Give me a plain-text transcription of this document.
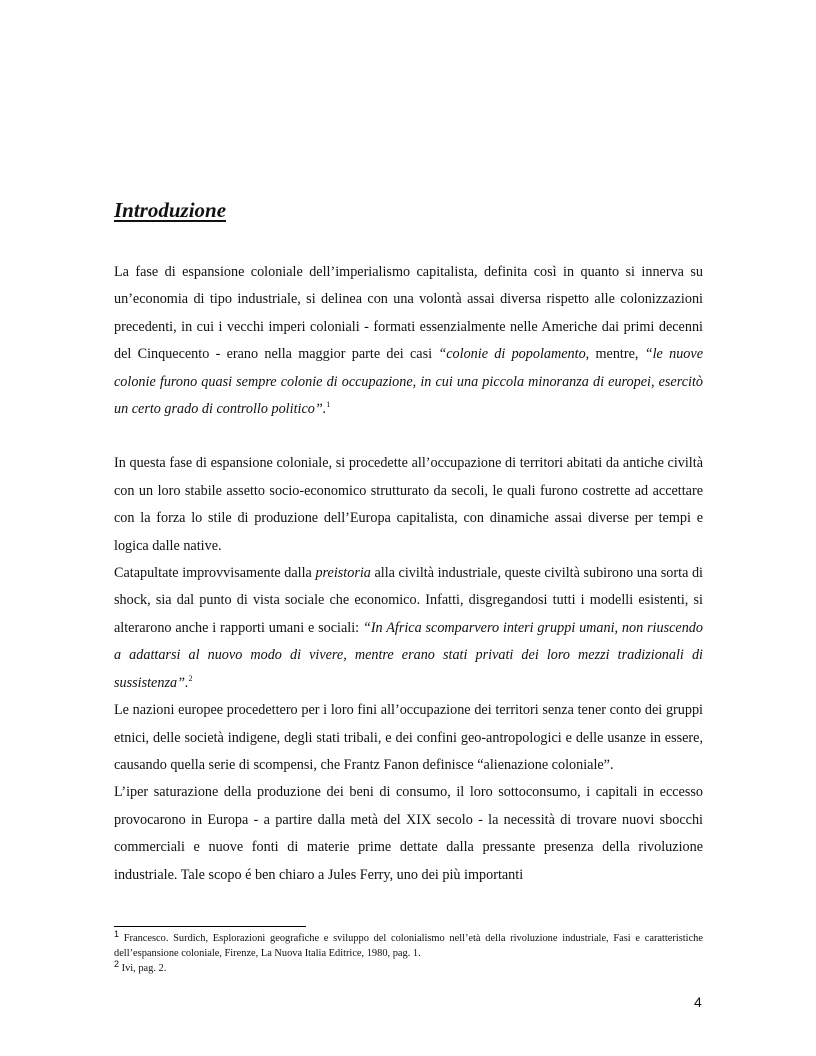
Introduzione

La fase di espansione coloniale dell’imperialismo capitalista, definita così in quanto si innerva su un’economia di tipo industriale, si delinea con una volontà assai diversa rispetto alle colonizzazioni precedenti, in cui i vecchi imperi coloniali - formati essenzialmente nelle Americhe dai primi decenni del Cinquecento - erano nella maggior parte dei casi “colonie di popolamento, mentre, “le nuove colonie furono quasi sempre colonie di occupazione, in cui una piccola minoranza di europei, esercitò un certo grado di controllo politico”.$^1$

In questa fase di espansione coloniale, si procedette all’occupazione di territori abitati da antiche civiltà con un loro stabile assetto socio-economico strutturato da secoli, le quali furono costrette ad accettare con la forza lo stile di produzione dell’Europa capitalista, con dinamiche assai diverse per tempi e logica dalle native.

Catapultate improvvisamente dalla preistoria alla civiltà industriale, queste civiltà subirono una sorta di shock, sia dal punto di vista sociale che economico. Infatti, disgregandosi tutti i modelli esistenti, si alterarono anche i rapporti umani e sociali: “In Africa scomparvero interi gruppi umani, non riuscendo a adattarsi al nuovo modo di vivere, mentre erano stati privati dei loro mezzi tradizionali di sussistenza”.$^2$

Le nazioni europee procedettero per i loro fini all’occupazione dei territori senza tener conto dei gruppi etnici, delle società indigene, degli stati tribali, e dei confini geo-antropologici e delle usanze in essere, causando quella serie di scompensi, che Frantz Fanon definisce “alienazione coloniale”.

L’iper saturazione della produzione dei beni di consumo, il loro sottoconsumo, i capitali in eccesso provocarono in Europa - a partire dalla metà del XIX secolo - la necessità di trovare nuovi sbocchi commerciali e nuove fonti di materie prime dettate dalla pressante presenza della rivoluzione industriale. Tale scopo é ben chiaro a Jules Ferry, uno dei più importanti

1 Francesco. Surdich, Esplorazioni geografiche e sviluppo del colonialismo nell’età della rivoluzione industriale, Fasi e caratteristiche dell’espansione coloniale, Firenze, La Nuova Italia Editrice, 1980, pag. 1.

2 Ivi, pag. 2.

4
